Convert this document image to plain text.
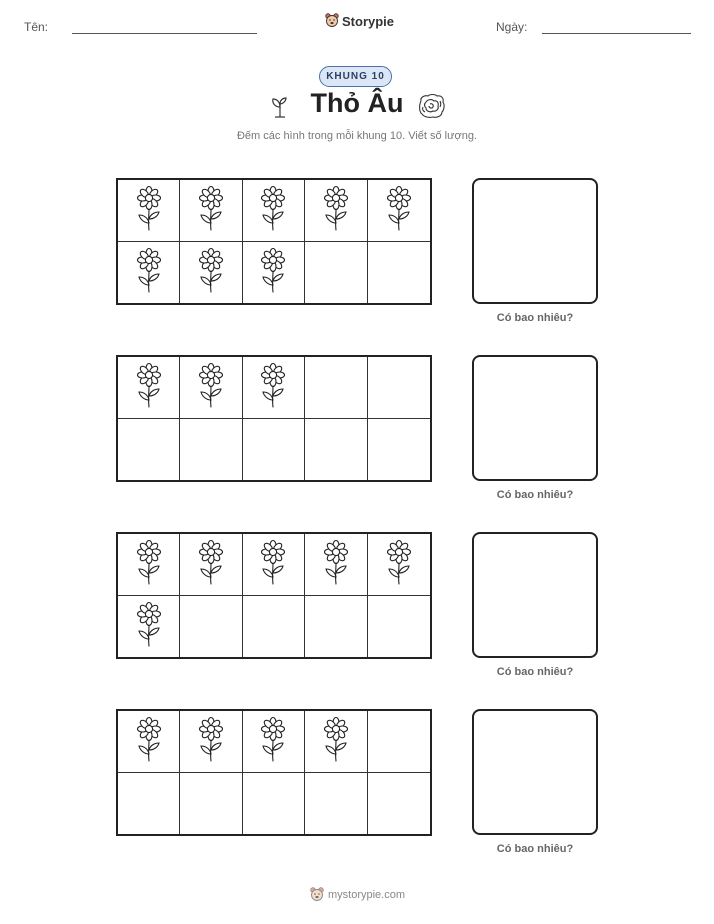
Tên:	Storypie	Ngày:
KHUNG 10
Thỏ Âu
Đếm các hình trong mỗi khung 10. Viết số lượng.
Có bao nhiêu?
Có bao nhiêu?
Có bao nhiêu?
Có bao nhiêu?
mystorypie.com
